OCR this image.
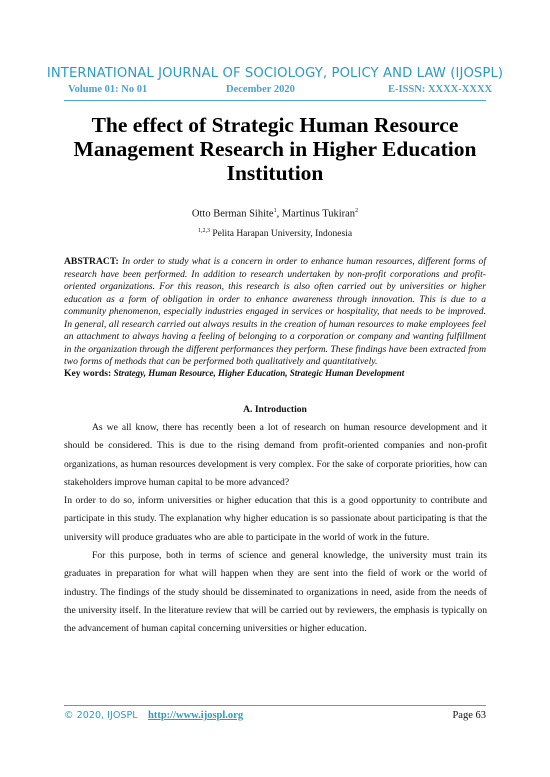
INTERNATIONAL JOURNAL OF SOCIOLOGY, POLICY AND LAW (IJOSPL)
Volume 01: No 01	December 2020	E-ISSN: XXXX-XXXX
The effect of Strategic Human Resource Management Research in Higher Education Institution
Otto Berman Sihite$^1$, Martinus Tukiran$^2$
$^{1,2,3}$ Pelita Harapan University, Indonesia
ABSTRACT: In order to study what is a concern in order to enhance human resources, different forms of research have been performed. In addition to research undertaken by non-profit corporations and profit-oriented organizations. For this reason, this research is also often carried out by universities or higher education as a form of obligation in order to enhance awareness through innovation. This is due to a community phenomenon, especially industries engaged in services or hospitality, that needs to be improved. In general, all research carried out always results in the creation of human resources to make employees feel an attachment to always having a feeling of belonging to a corporation or company and wanting fulfillment in the organization through the different performances they perform. These findings have been extracted from two forms of methods that can be performed both qualitatively and quantitatively.
Key words: Strategy, Human Resource, Higher Education, Strategic Human Development
A. Introduction

As we all know, there has recently been a lot of research on human resource development and it should be considered. This is due to the rising demand from profit-oriented companies and non-profit organizations, as human resources development is very complex. For the sake of corporate priorities, how can stakeholders improve human capital to be more advanced?

In order to do so, inform universities or higher education that this is a good opportunity to contribute and participate in this study. The explanation why higher education is so passionate about participating is that the university will produce graduates who are able to participate in the world of work in the future.

For this purpose, both in terms of science and general knowledge, the university must train its graduates in preparation for what will happen when they are sent into the field of work or the world of industry. The findings of the study should be disseminated to organizations in need, aside from the needs of the university itself. In the literature review that will be carried out by reviewers, the emphasis is typically on the advancement of human capital concerning universities or higher education.

© 2020, IJOSPL http://www.ijospl.org	Page 63
